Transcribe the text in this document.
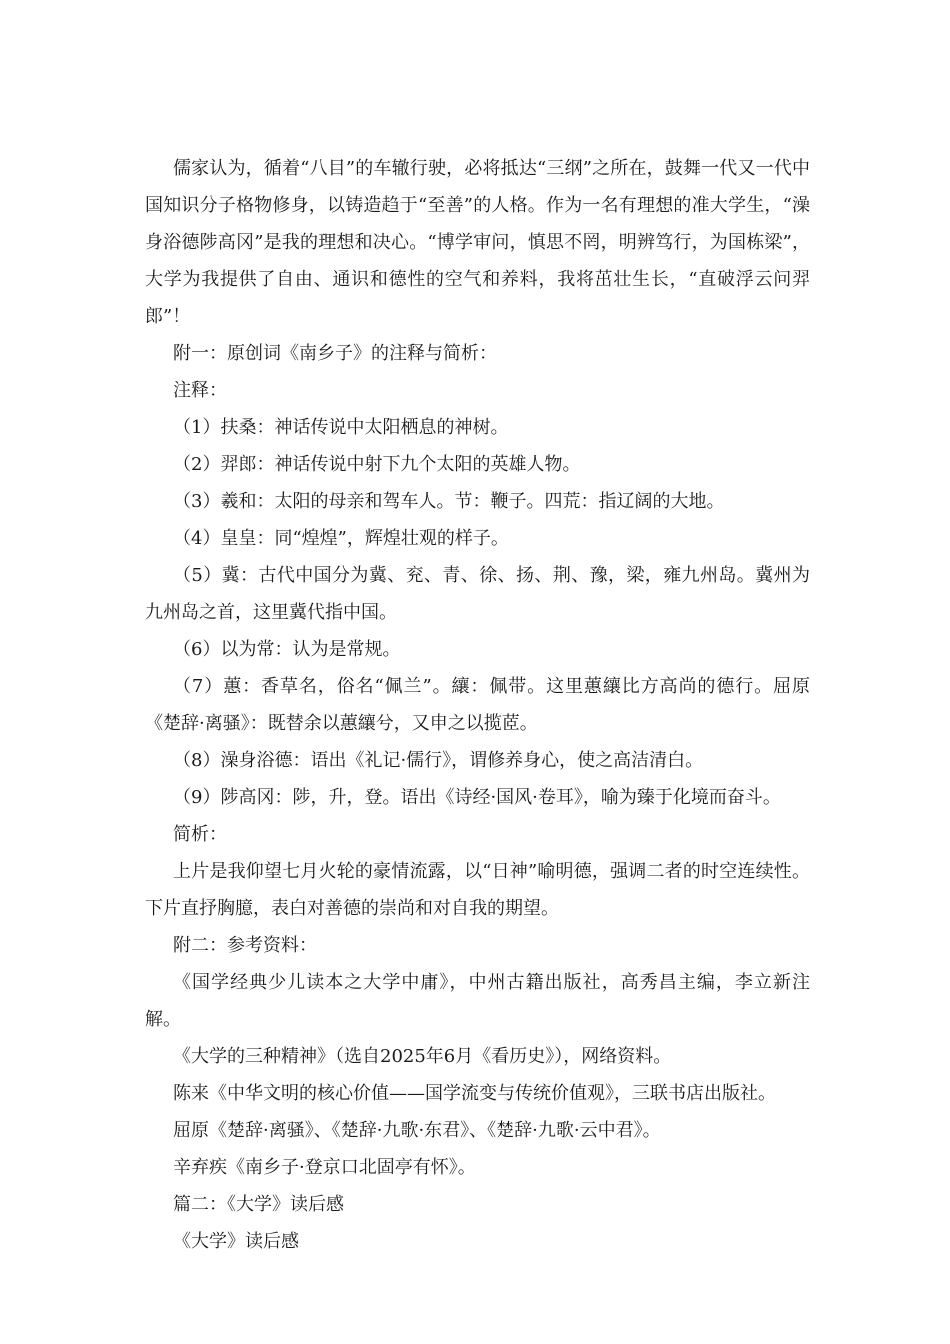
儒家认为，循着“八目”的车辙行驶，必将抵达“三纲”之所在，鼓舞一代又一代中国知识分子格物修身，以铸造趋于“至善”的人格。作为一名有理想的准大学生，“澡身浴德陟高冈”是我的理想和决心。“博学审问，慎思不罔，明辨笃行，为国栋梁”，大学为我提供了自由、通识和德性的空气和养料，我将茁壮生长，“直破浮云问羿郎”！

附一：原创词《南乡子》的注释与简析：

注释：

（1）扶桑：神话传说中太阳栖息的神树。

（2）羿郎：神话传说中射下九个太阳的英雄人物。

（3）羲和：太阳的母亲和驾车人。节：鞭子。四荒：指辽阔的大地。

（4）皇皇：同“煌煌”，辉煌壮观的样子。

（5）冀：古代中国分为冀、兖、青、徐、扬、荆、豫，梁，雍九州岛。冀州为九州岛之首，这里冀代指中国。

（6）以为常：认为是常规。

（7）蕙：香草名，俗名“佩兰”。纕：佩带。这里蕙纕比方高尚的德行。屈原《楚辞·离骚》：既替余以蕙纕兮，又申之以揽茝。

（8）澡身浴德：语出《礼记·儒行》，谓修养身心，使之高洁清白。

（9）陟高冈：陟，升，登。语出《诗经·国风·卷耳》，喻为臻于化境而奋斗。

简析：

上片是我仰望七月火轮的豪情流露，以“日神”喻明德，强调二者的时空连续性。下片直抒胸臆，表白对善德的崇尚和对自我的期望。

附二：参考资料：

《国学经典少儿读本之大学中庸》，中州古籍出版社，高秀昌主编，李立新注解。

《大学的三种精神》（选自2025年6月《看历史》），网络资料。

陈来《中华文明的核心价值——国学流变与传统价值观》，三联书店出版社。

屈原《楚辞·离骚》、《楚辞·九歌·东君》、《楚辞·九歌·云中君》。

辛弃疾《南乡子·登京口北固亭有怀》。

篇二：《大学》读后感

《大学》读后感
